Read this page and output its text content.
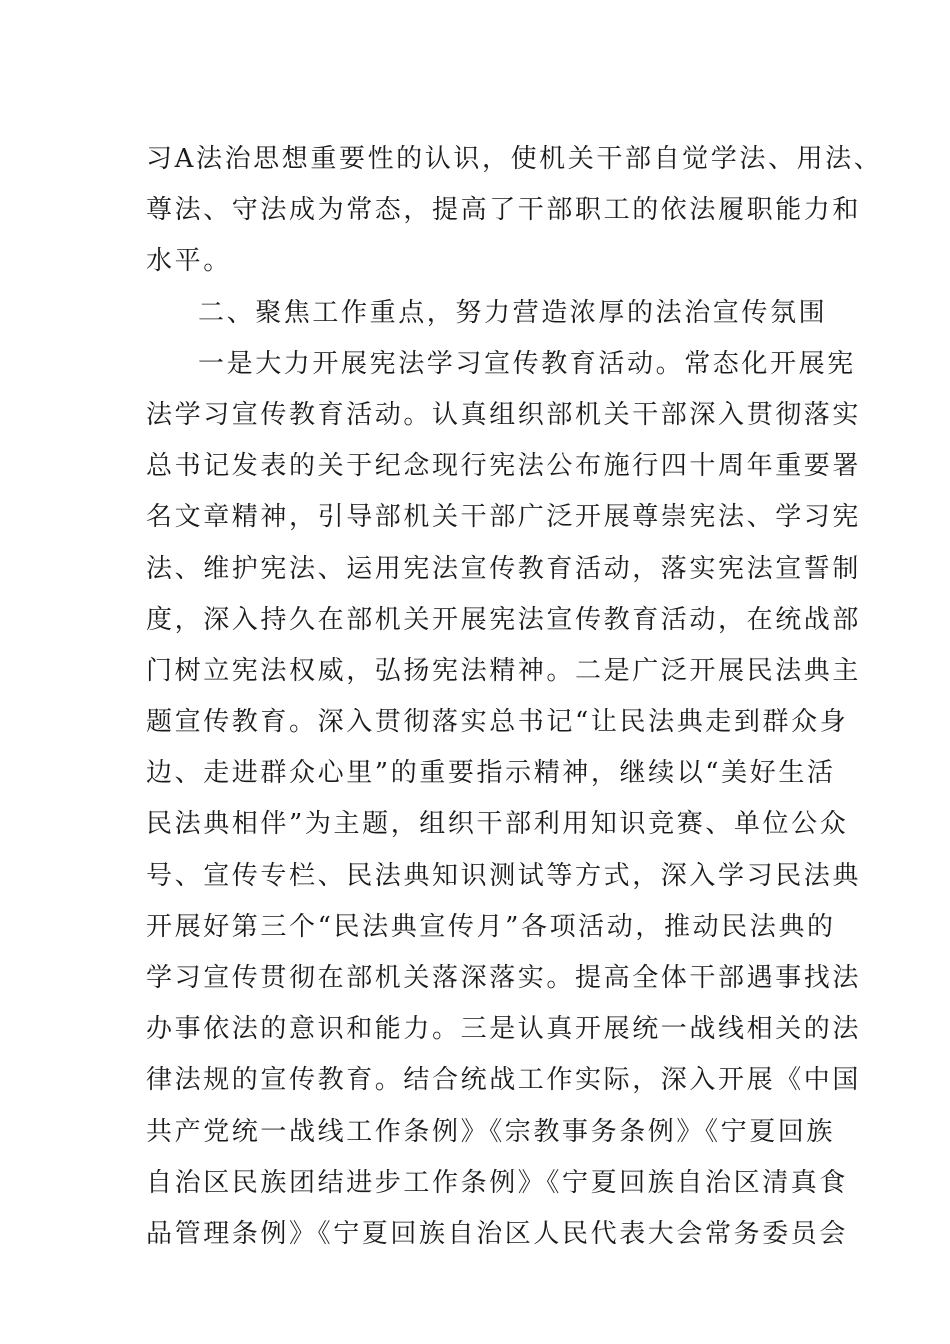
习A法治思想重要性的认识，使机关干部自觉学法、用法、
尊法、守法成为常态，提高了干部职工的依法履职能力和
水平。
二、聚焦工作重点，努力营造浓厚的法治宣传氛围
一是大力开展宪法学习宣传教育活动。常态化开展宪
法学习宣传教育活动。认真组织部机关干部深入贯彻落实
总书记发表的关于纪念现行宪法公布施行四十周年重要署
名文章精神，引导部机关干部广泛开展尊崇宪法、学习宪
法、维护宪法、运用宪法宣传教育活动，落实宪法宣誓制
度，深入持久在部机关开展宪法宣传教育活动，在统战部
门树立宪法权威，弘扬宪法精神。二是广泛开展民法典主
题宣传教育。深入贯彻落实总书记“让民法典走到群众身
边、走进群众心里”的重要指示精神，继续以“美好生活
民法典相伴”为主题，组织干部利用知识竞赛、单位公众
号、宣传专栏、民法典知识测试等方式，深入学习民法典
开展好第三个“民法典宣传月”各项活动，推动民法典的
学习宣传贯彻在部机关落深落实。提高全体干部遇事找法
办事依法的意识和能力。三是认真开展统一战线相关的法
律法规的宣传教育。结合统战工作实际，深入开展《中国
共产党统一战线工作条例》《宗教事务条例》《宁夏回族
自治区民族团结进步工作条例》《宁夏回族自治区清真食
品管理条例》《宁夏回族自治区人民代表大会常务委员会
